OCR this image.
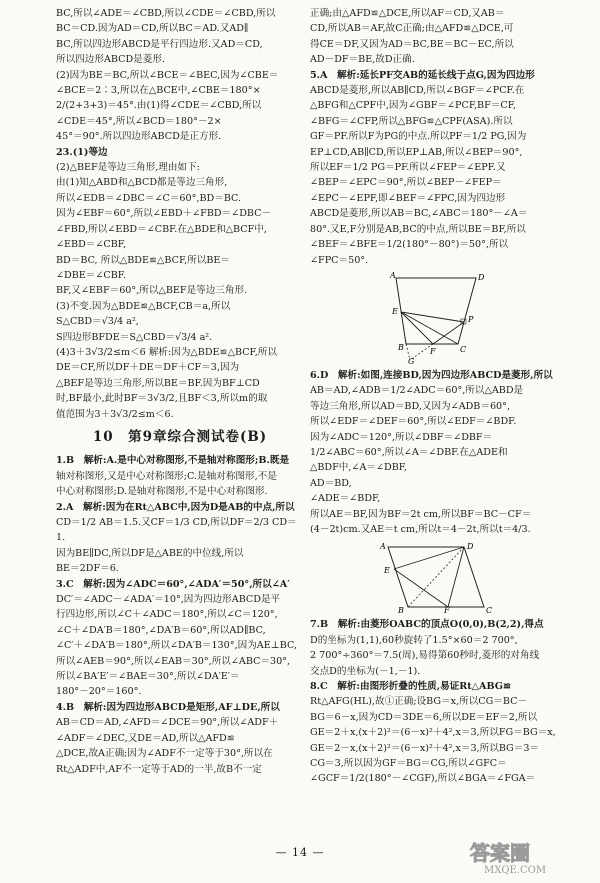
BC,所以∠ADE＝∠CBD,所以∠CDE＝∠CBD,所以

BC＝CD.因为AD＝CD,所以BC＝AD.又AD∥

BC,所以四边形ABCD是平行四边形.又AD＝CD,

所以四边形ABCD是菱形.

(2)因为BE＝BC,所以∠BCE＝∠BEC,因为∠CBE＝

∠BCE＝2∶3,所以在△BCE中,∠CBE＝180°×

2/(2+3+3)＝45°.由(1)得∠CDE＝∠CBD,所以

∠CDE＝45°,所以∠BCD＝180°－2×

45°＝90°.所以四边形ABCD是正方形.

23.(1)等边

(2)△BEF是等边三角形,理由如下:

由(1)知△ABD和△BCD都是等边三角形,

所以∠EDB＝∠DBC＝∠C＝60°,BD＝BC.

因为∠EBF＝60°,所以∠EBD＋∠FBD＝∠DBC－

∠FBD,所以∠EBD＝∠CBF.在△BDE和△BCF中,

∠EBD＝∠CBF,

BD＝BC, 所以△BDE≌△BCF,所以BE＝

∠DBE＝∠CBF.

BF,又∠EBF＝60°,所以△BEF是等边三角形.

(3)不变.因为△BDE≌△BCF,CB＝a,所以

S△CBD＝√3/4 a²,

S四边形BFDE＝S△CBD＝√3/4 a².

(4)3＋3√3/2≤m＜6 解析:因为△BDE≌△BCF,所以

DE＝CF,所以DF＋DE＝DF＋CF＝3,因为

△BEF是等边三角形,所以BE＝BF.因为BF⊥CD

时,BF最小,此时BF＝3√3/2,且BF＜3,所以m的取

值范围为3＋3√3/2≤m＜6.

10　第9章综合测试卷(B)

1.B　解析:A.是中心对称图形,不是轴对称图形;B.既是

轴对称图形,又是中心对称图形;C.是轴对称图形,不是

中心对称图形;D.是轴对称图形,不是中心对称图形.

2.A　解析:因为在Rt△ABC中,因为D是AB的中点,所以

CD＝1/2 AB＝1.5.又CF＝1/3 CD,所以DF＝2/3 CD＝1.

因为BE∥DC,所以DF是△ABE的中位线,所以

BE＝2DF＝6.

3.C　解析:因为∠ADC＝60°,∠ADA′＝50°,所以∠A′

DC′＝∠ADC－∠ADA′＝10°,因为四边形ABCD是平

行四边形,所以∠C＋∠ADC＝180°,所以∠C＝120°,

∠C＋∠DA′B＝180°,∠DA′B＝60°,所以AD∥BC,

∠C′＋∠DA′B＝180°,所以∠DA′B＝130°,因为AE⊥BC,

所以∠AEB＝90°,所以∠EAB＝30°,所以∠ABC＝30°,

所以∠BA′E′＝∠BAE＝30°,所以∠DA′E′＝

180°－20°＝160°.

4.B　解析:因为四边形ABCD是矩形,AF⊥DE,所以

AB＝CD＝AD,∠AFD＝∠DCE＝90°,所以∠ADF＋

∠ADF＝∠DEC,又DE＝AD,所以△AFD≌

△DCE,故A正确;因为∠ADF不一定等于30°,所以在

Rt△ADF中,AF不一定等于AD的一半,故B不一定

正确;由△AFD≌△DCE,所以AF＝CD,又AB＝

CD,所以AB＝AF,故C正确;由△AFD≌△DCE,可

得CE＝DF,又因为AD＝BC,BE＝BC－EC,所以

AD－DF＝BE,故D正确.

5.A　解析:延长PF交AB的延长线于点G,因为四边形

ABCD是菱形,所以AB∥CD,所以∠BGF＝∠PCF.在

△BFG和△CPF中,因为∠GBF＝∠PCF,BF＝CF,

∠BFG＝∠CFP,所以△BFG≌△CPF(ASA).所以

GF＝PF.所以F为PG的中点.所以PF＝1/2 PG,因为

EP⊥CD,AB∥CD,所以EP⊥AB,所以∠BEP＝90°,

所以EF＝1/2 PG＝PF.所以∠FEP＝∠EPF.又

∠BEP＝∠EPC＝90°,所以∠BEP－∠FEP＝

∠EPC－∠EPF,即∠BEF＝∠FPC,因为四边形

ABCD是菱形,所以AB＝BC,∠ABC＝180°－∠A＝

80°.又E,F分别是AB,BC的中点,所以BE＝BF,所以

∠BEF＝∠BFE＝1/2(180°－80°)＝50°,所以

∠FPC＝50°.

A	D
E
P
B	F	C
G

6.D　解析:如图,连接BD,因为四边形ABCD是菱形,所以

AB＝AD,∠ADB＝1/2∠ADC＝60°,所以△ABD是

等边三角形,所以AD＝BD,又因为∠ADB＝60°,

所以∠EDF＝∠DEF＝60°,所以∠EDF＝∠BDF.

因为∠ADC＝120°,所以∠DBF＝∠DBF＝

1/2∠ABC＝60°,所以∠A＝∠DBF.在△ADE和

△BDF中,∠A＝∠DBF,

AD＝BD,

∠ADE＝∠BDF,

所以AE＝BF,因为BF＝2t cm,所以BF＝BC－CF＝

(4－2t)cm.又AE＝t cm,所以t＝4－2t,所以t＝4/3.

A	D
E
B	F	C

7.B　解析:由菱形OABC的顶点O(0,0),B(2,2),得点

D的坐标为(1,1),60秒旋转了1.5°×60＝2 700°,

2 700°÷360°＝7.5(周),易得第60秒时,菱形的对角线

交点D的坐标为(－1,－1).

8.C　解析:由图形折叠的性质,易证Rt△ABG≌

Rt△AFG(HL),故①正确;设BG＝x,所以CG＝BC－

BG＝6－x,因为CD＝3DE＝6,所以DE＝EF＝2,所以

GE＝2＋x,(x＋2)²＝(6－x)²＋4²,x＝3,所以FG＝BG＝x,

GE＝2－x,(x＋2)²＝(6－x)²＋4²,x＝3,所以BG＝3＝

CG＝3,所以因为GF＝BG＝CG,所以∠GFC＝

∠GCF＝1/2(180°－∠CGF),所以∠BGA＝∠FGA＝

— 14 —	答案圈
MXQE.COM
